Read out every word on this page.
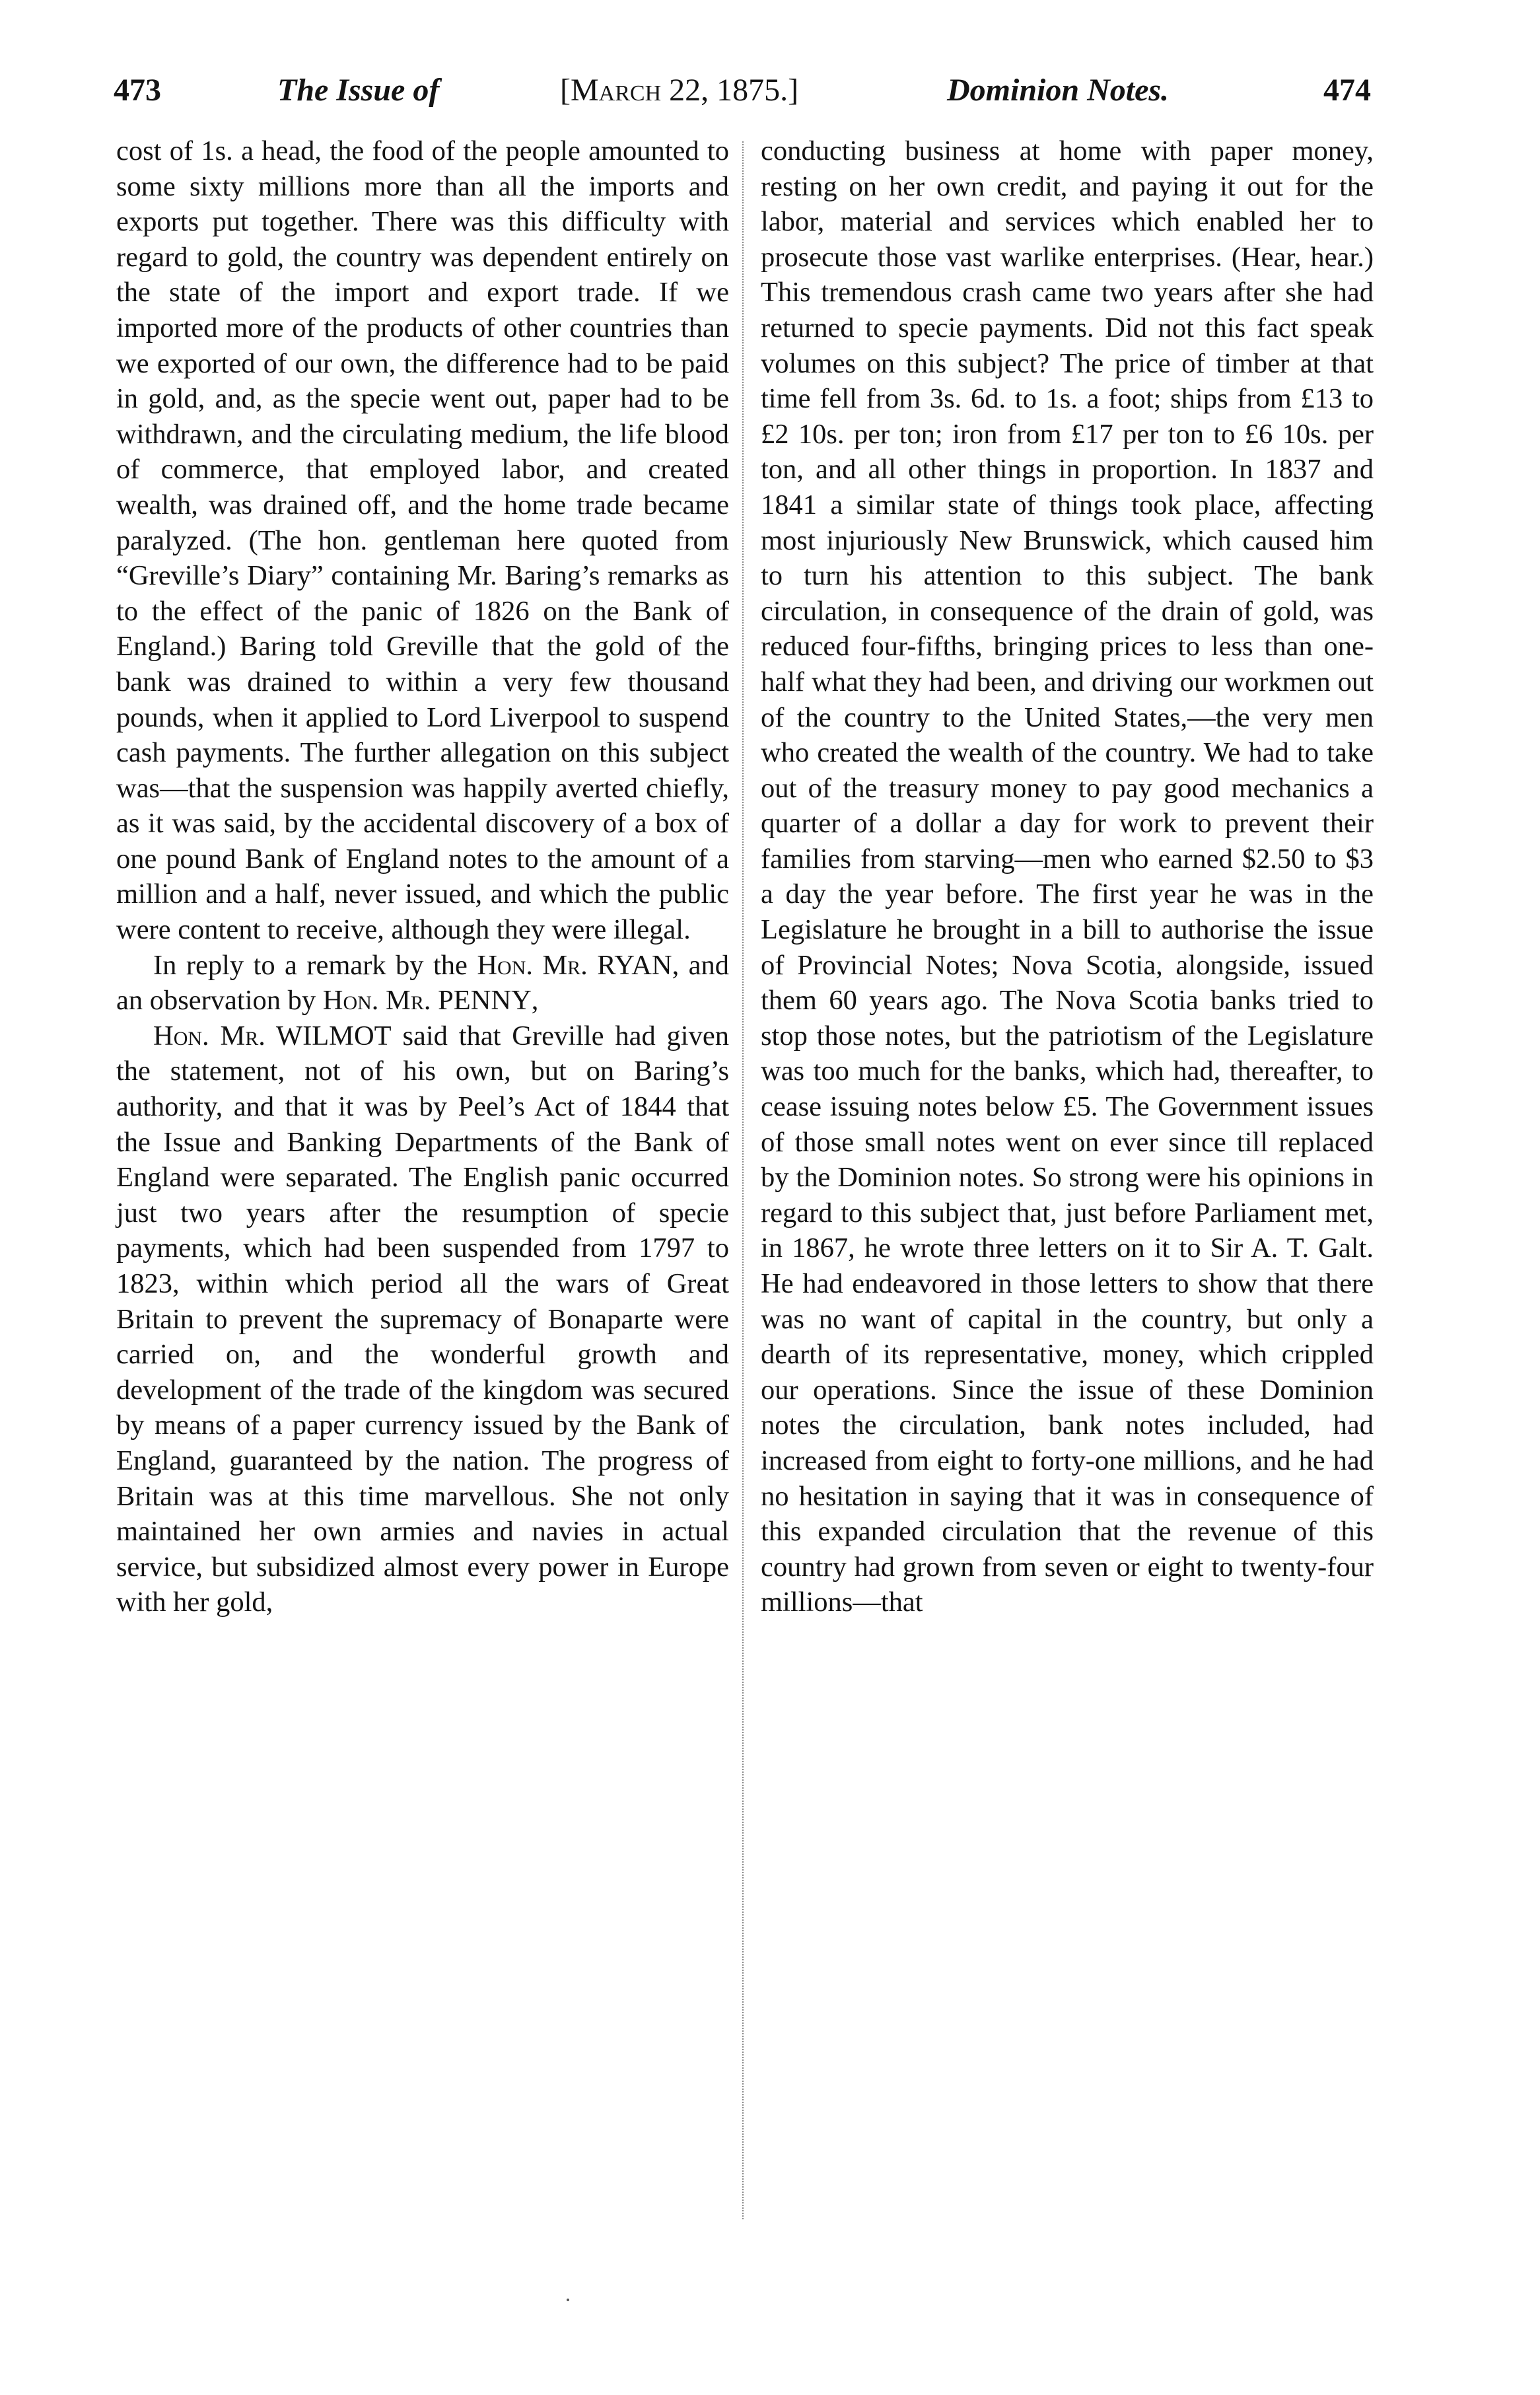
473	The Issue of	[March 22, 1875.]	Dominion Notes.	474

cost of 1s. a head, the food of the people amounted to some sixty millions more than all the imports and exports put together. There was this difficulty with regard to gold, the country was dependent entirely on the state of the import and export trade. If we imported more of the products of other countries than we exported of our own, the difference had to be paid in gold, and, as the specie went out, paper had to be withdrawn, and the circulating medium, the life blood of commerce, that employed labor, and created wealth, was drained off, and the home trade became paralyzed. (The hon. gentleman here quoted from “Greville’s Diary” containing Mr. Baring’s remarks as to the effect of the panic of 1826 on the Bank of England.) Baring told Greville that the gold of the bank was drained to within a very few thousand pounds, when it applied to Lord Liverpool to suspend cash payments. The further allegation on this subject was—that the suspension was happily averted chiefly, as it was said, by the accidental discovery of a box of one pound Bank of England notes to the amount of a million and a half, never issued, and which the public were content to receive, although they were illegal.

In reply to a remark by the Hon. Mr. RYAN, and an observation by Hon. Mr. PENNY,

Hon. Mr. WILMOT said that Greville had given the statement, not of his own, but on Baring’s authority, and that it was by Peel’s Act of 1844 that the Issue and Banking Departments of the Bank of England were separated. The English panic occurred just two years after the resumption of specie payments, which had been suspended from 1797 to 1823, within which period all the wars of Great Britain to prevent the supremacy of Bonaparte were carried on, and the wonderful growth and development of the trade of the kingdom was secured by means of a paper currency issued by the Bank of England, guaranteed by the nation. The progress of Britain was at this time marvellous. She not only maintained her own armies and navies in actual service, but subsidized almost every power in Europe with her gold,

conducting business at home with paper money, resting on her own credit, and paying it out for the labor, material and services which enabled her to prosecute those vast warlike enterprises. (Hear, hear.) This tremendous crash came two years after she had returned to specie payments. Did not this fact speak volumes on this subject? The price of timber at that time fell from 3s. 6d. to 1s. a foot; ships from £13 to £2 10s. per ton; iron from £17 per ton to £6 10s. per ton, and all other things in proportion. In 1837 and 1841 a similar state of things took place, affecting most injuriously New Brunswick, which caused him to turn his attention to this subject. The bank circulation, in consequence of the drain of gold, was reduced four-fifths, bringing prices to less than one-half what they had been, and driving our workmen out of the country to the United States,—the very men who created the wealth of the country. We had to take out of the treasury money to pay good mechanics a quarter of a dollar a day for work to prevent their families from starving—men who earned $2.50 to $3 a day the year before. The first year he was in the Legislature he brought in a bill to authorise the issue of Provincial Notes; Nova Scotia, alongside, issued them 60 years ago. The Nova Scotia banks tried to stop those notes, but the patriotism of the Legislature was too much for the banks, which had, thereafter, to cease issuing notes below £5. The Government issues of those small notes went on ever since till replaced by the Dominion notes. So strong were his opinions in regard to this subject that, just before Parliament met, in 1867, he wrote three letters on it to Sir A. T. Galt. He had endeavored in those letters to show that there was no want of capital in the country, but only a dearth of its representative, money, which crippled our operations. Since the issue of these Dominion notes the circulation, bank notes included, had increased from eight to forty-one millions, and he had no hesitation in saying that it was in consequence of this expanded circulation that the revenue of this country had grown from seven or eight to twenty-four millions—that
